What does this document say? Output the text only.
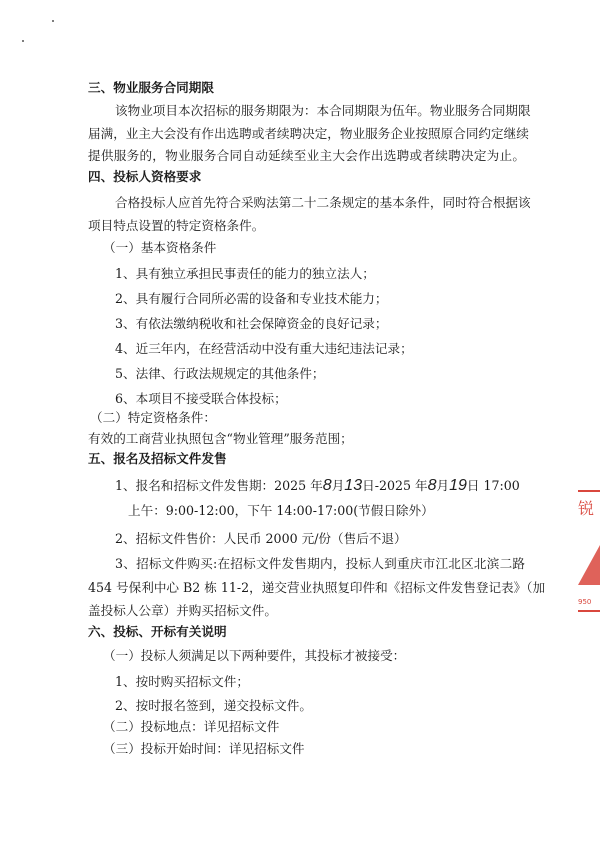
三、物业服务合同期限
该物业项目本次招标的服务期限为：本合同期限为伍年。物业服务合同期限
届满，业主大会没有作出选聘或者续聘决定，物业服务企业按照原合同约定继续
提供服务的，物业服务合同自动延续至业主大会作出选聘或者续聘决定为止。
四、投标人资格要求
合格投标人应首先符合采购法第二十二条规定的基本条件，同时符合根据该
项目特点设置的特定资格条件。
（一）基本资格条件
1、具有独立承担民事责任的能力的独立法人；
2、具有履行合同所必需的设备和专业技术能力；
3、有依法缴纳税收和社会保障资金的良好记录；
4、近三年内，在经营活动中没有重大违纪违法记录；
5、法律、行政法规规定的其他条件；
6、本项目不接受联合体投标；
（二）特定资格条件：
有效的工商营业执照包含“物业管理”服务范围；
五、报名及招标文件发售
1、报名和招标文件发售期：2025 年8月13日-2025 年8月19日 17:00
上午：9:00-12:00，下午 14:00-17:00(节假日除外）
2、招标文件售价：人民币 2000 元/份（售后不退）
3、招标文件购买:在招标文件发售期内，投标人到重庆市江北区北滨二路
454 号保利中心 B2 栋 11-2，递交营业执照复印件和《招标文件发售登记表》（加
盖投标人公章）并购买招标文件。
六、投标、开标有关说明
（一）投标人须满足以下两种要件，其投标才被接受：
1、按时购买招标文件；
2、按时报名签到，递交投标文件。
（二）投标地点：详见招标文件
（三）投标开始时间：详见招标文件
锐
950
